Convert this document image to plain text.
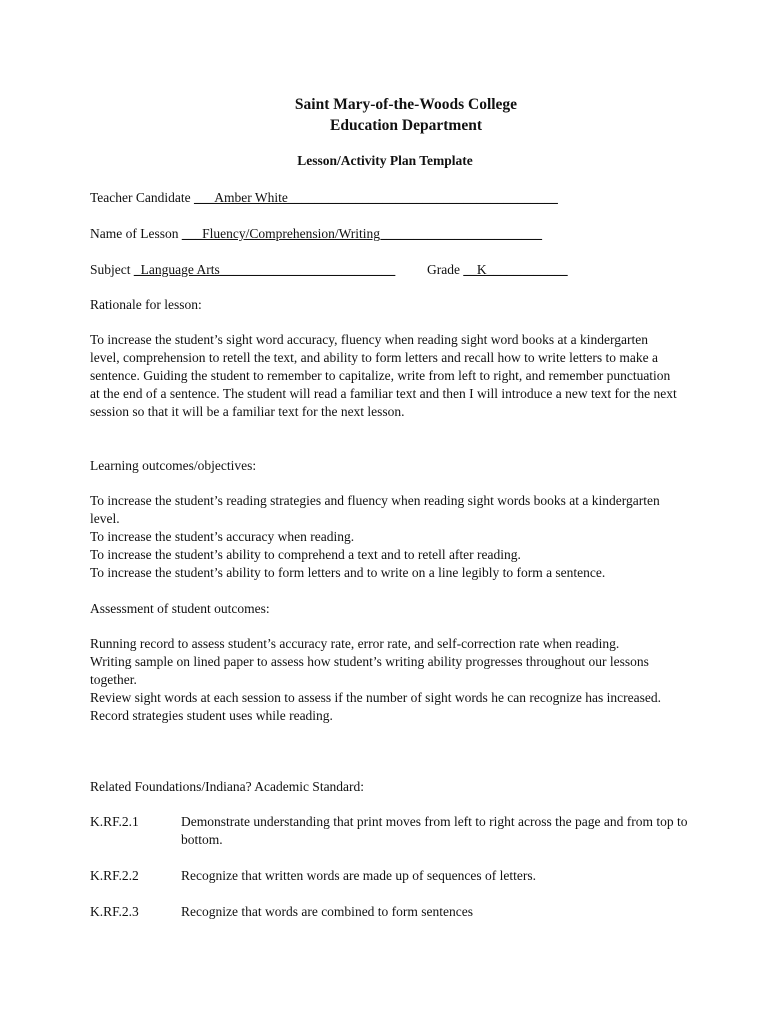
Saint Mary-of-the-Woods College
Education Department
Lesson/Activity Plan Template
Teacher Candidate ___Amber White________________________________________
Name of Lesson ___Fluency/Comprehension/Writing________________________
Subject _Language Arts__________________________ Grade __K____________
Rationale for lesson:
To increase the student’s sight word accuracy, fluency when reading sight word books at a kindergarten level, comprehension to retell the text, and ability to form letters and recall how to write letters to make a sentence. Guiding the student to remember to capitalize, write from left to right, and remember punctuation at the end of a sentence. The student will read a familiar text and then I will introduce a new text for the next session so that it will be a familiar text for the next lesson.
Learning outcomes/objectives:

To increase the student’s reading strategies and fluency when reading sight words books at a kindergarten level.

To increase the student’s accuracy when reading.

To increase the student’s ability to comprehend a text and to retell after reading.

To increase the student’s ability to form letters and to write on a line legibly to form a sentence.

Assessment of student outcomes:

Running record to assess student’s accuracy rate, error rate, and self-correction rate when reading.

Writing sample on lined paper to assess how student’s writing ability progresses throughout our lessons together.

Review sight words at each session to assess if the number of sight words he can recognize has increased.

Record strategies student uses while reading.

Related Foundations/Indiana? Academic Standard:
K.RF.2.1	Demonstrate understanding that print moves from left to right across the page and from top to bottom.
K.RF.2.2	Recognize that written words are made up of sequences of letters.
K.RF.2.3	Recognize that words are combined to form sentences
